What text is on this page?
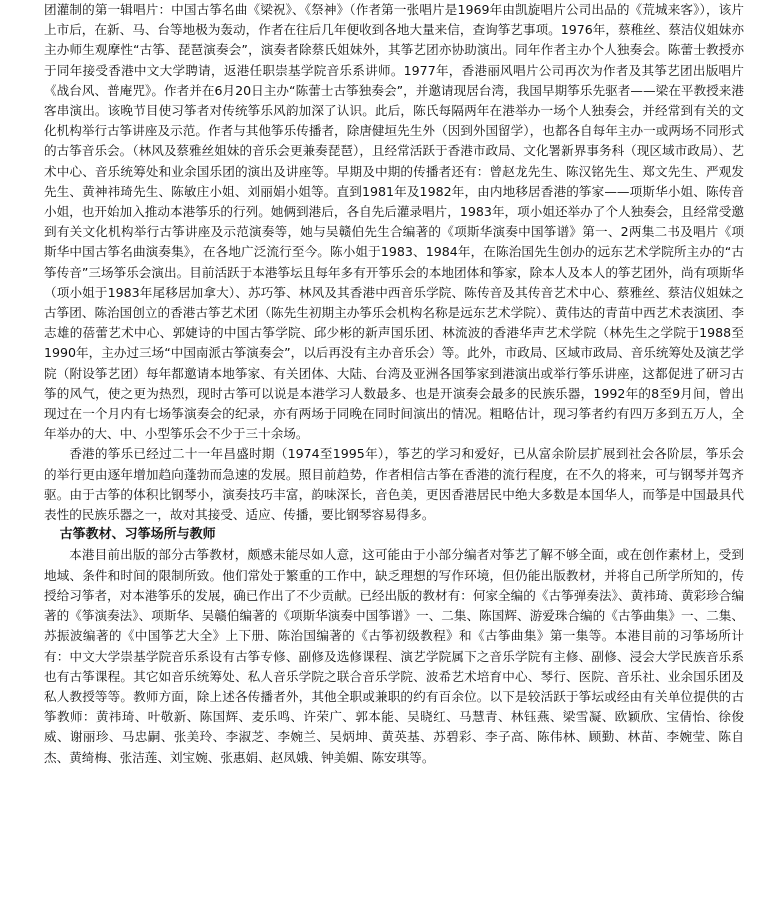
团灌制的第一辑唱片：中国古筝名曲《梁祝》、《祭神》（作者第一张唱片是1969年由凯旋唱片公司出品的《荒城来客》），该片上市后，在新、马、台等地极为轰动，作者在往后几年便收到各地大量来信，查询筝艺事项。1976年，蔡稚丝、蔡洁仪姐妹亦主办师生观摩性“古筝、琵琶演奏会”，演奏者除蔡氏姐妹外，其筝艺团亦协助演出。同年作者主办个人独奏会。陈蕾士教授亦于同年接受香港中文大学聘请，返港任职崇基学院音乐系讲师。1977年，香港丽风唱片公司再次为作者及其筝艺团出版唱片《战台风、普庵咒》。作者并在6月20日主办“陈蕾士古筝独奏会”，并邀请现居台湾，我国早期筝乐先驱者——梁在平教授来港客串演出。该晚节目使习筝者对传统筝乐风韵加深了认识。此后，陈氏每隔两年在港举办一场个人独奏会，并经常到有关的文化机构举行古筝讲座及示范。作者与其他筝乐传播者，除唐健垣先生外（因到外国留学），也都各自每年主办一或两场不同形式的古筝音乐会。（林风及蔡雅丝姐妹的音乐会更兼奏琵琶），且经常活跃于香港市政局、文化署新界事务科（现区域市政局）、艺术中心、音乐统筹处和业余国乐团的演出及讲座等。早期及中期的传播者还有：曾赵龙先生、陈汉铭先生、郑文先生、严观发先生、黄神祎琦先生、陈敏庄小姐、刘丽娟小姐等。直到1981年及1982年，由内地移居香港的筝家——项斯华小姐、陈传音小姐，也开始加入推动本港筝乐的行列。她俩到港后，各自先后灌录唱片，1983年，项小姐还举办了个人独奏会，且经常受邀到有关文化机构举行古筝讲座及示范演奏等，她与吴赣伯先生合编著的《项斯华演奏中国筝谱》第一、2两集二书及唱片《项斯华中国古筝名曲演奏集》，在各地广泛流行至今。陈小姐于1983、1984年，在陈治国先生创办的远东艺术学院所主办的“古筝传音”三场筝乐会演出。目前活跃于本港筝坛且每年多有开筝乐会的本地团体和筝家，除本人及本人的筝艺团外，尚有项斯华（项小姐于1983年尾移居加拿大）、苏巧筝、林风及其香港中西音乐学院、陈传音及其传音艺术中心、蔡雅丝、蔡洁仪姐妹之古筝团、陈治国创立的香港古筝艺术团（陈先生初期主办筝乐会机构名称是远东艺术学院）、黄伟达的青苗中西艺术表演团、李志雄的蓓蕾艺术中心、郭婕诗的中国古筝学院、邱少彬的新声国乐团、林流波的香港华声艺术学院（林先生之学院于1988至1990年，主办过三场“中国南派古筝演奏会”，以后再没有主办音乐会）等。此外，市政局、区域市政局、音乐统筹处及演艺学院（附设筝艺团）每年都邀请本地筝家、有关团体、大陆、台湾及亚洲各国筝家到港演出或举行筝乐讲座，这都促进了研习古筝的风气，使之更为热烈，现时古筝可以说是本港学习人数最多、也是开演奏会最多的民族乐器，1992年的8至9月间，曾出现过在一个月内有七场筝演奏会的纪录，亦有两场于同晚在同时间演出的情况。粗略估计，现习筝者约有四万多到五万人，全年举办的大、中、小型筝乐会不少于三十余场。

香港的筝乐已经过二十一年昌盛时期（1974至1995年），筝艺的学习和爱好，已从富余阶层扩展到社会各阶层，筝乐会的举行更由逐年增加趋向蓬勃而急速的发展。照目前趋势，作者相信古筝在香港的流行程度，在不久的将来，可与钢琴并驾齐驱。由于古筝的体积比钢琴小，演奏技巧丰富，韵味深长，音色美，更因香港居民中绝大多数是本国华人，而筝是中国最具代表性的民族乐器之一，故对其接受、适应、传播，要比钢琴容易得多。

古筝教材、习筝场所与教师

本港目前出版的部分古筝教材，颇感未能尽如人意，这可能由于小部分编者对筝艺了解不够全面，或在创作素材上，受到地域、条件和时间的限制所致。他们常处于繁重的工作中，缺乏理想的写作环境，但仍能出版教材，并将自己所学所知的，传授给习筝者，对本港筝乐的发展，确已作出了不少贡献。已经出版的教材有：何家全编的《古筝弹奏法》、黄祎琦、黄彩珍合编著的《筝演奏法》、项斯华、吴赣伯编著的《项斯华演奏中国筝谱》一、二集、陈国辉、游爱珠合编的《古筝曲集》一、二集、苏振波编著的《中国筝艺大全》上下册、陈治国编著的《古筝初级教程》和《古筝曲集》第一集等。本港目前的习筝场所计有：中文大学崇基学院音乐系设有古筝专修、副修及选修课程、演艺学院属下之音乐学院有主修、副修、浸会大学民族音乐系也有古筝课程。其它如音乐统筹处、私人音乐学院之联合音乐学院、波希艺术培育中心、琴行、医院、音乐社、业余国乐团及私人教授等等。教师方面，除上述各传播者外，其他全职或兼职的约有百余位。以下是较活跃于筝坛或经由有关单位提供的古筝教师：黄祎琦、叶敬新、陈国辉、麦乐鸣、许荣广、郭本能、吴晓红、马慧青、林钰燕、梁雪凝、欧颖欣、宝倩怡、徐俊威、谢丽珍、马忠嗣、张美玲、李淑芝、李婉兰、吴炳坤、黄英基、苏碧彩、李子高、陈伟林、顾勤、林苗、李婉莹、陈自杰、黄绮梅、张洁莲、刘宝婉、张惠娟、赵凤娥、钟美媚、陈安琪等。
